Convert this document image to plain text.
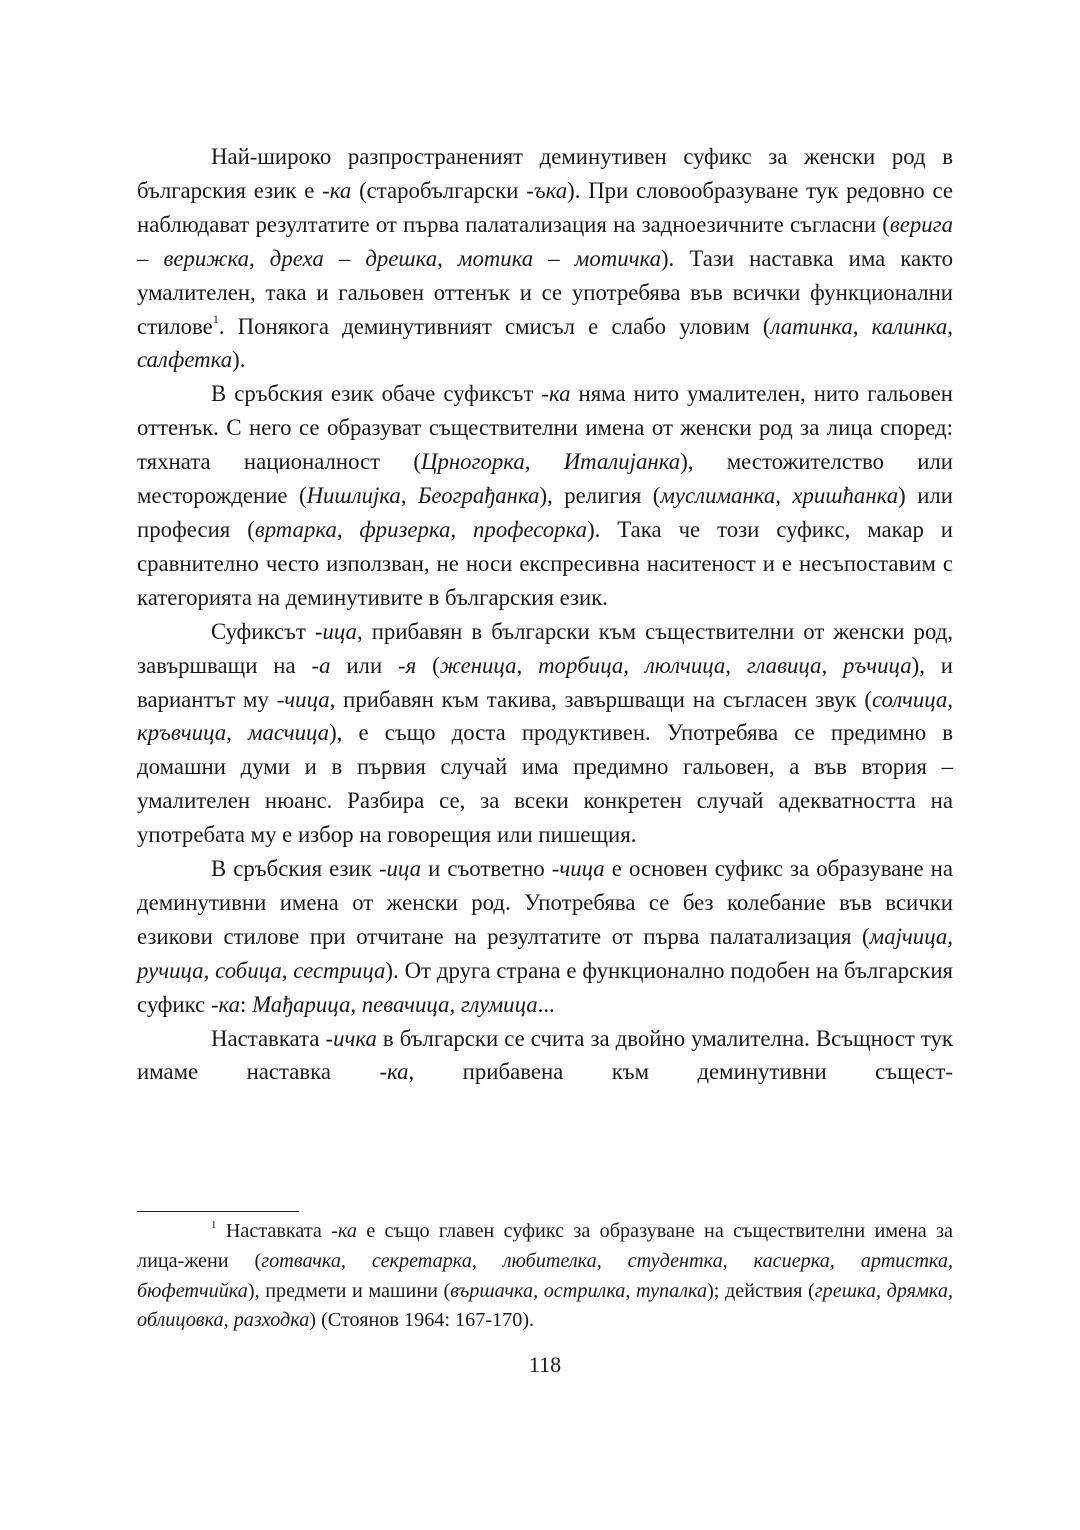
Най-широко разпространеният деминутивен суфикс за женски род в българския език е -ка (старобългарски -ъка). При словообразуване тук редовно се наблюдават резултатите от първа палатализация на задноезичните съгласни (верига – верижка, дреха – дрешка, мотика – мотичка). Тази наставка има както умалителен, така и гальовен оттенък и се употребява във всички функционални стилове$^1$. Понякога деминутивният смисъл е слабо уловим (латинка, калинка, салфетка).

В сръбския език обаче суфиксът -ка няма нито умалителен, нито гальовен оттенък. С него се образуват съществителни имена от женски род за лица според: тяхната националност (Црногорка, Италијанка), местожителство или месторождение (Нишлијка, Београђанка), религия (муслиманка, хришћанка) или професия (вртарка, фризерка, професорка). Така че този суфикс, макар и сравнително често използван, не носи експресивна наситеност и е несъпоставим с категорията на деминутивите в българския език.

Суфиксът -ица, прибавян в български към съществителни от женски род, завършващи на -а или -я (женица, торбица, люлчица, главица, ръчица), и вариантът му -чица, прибавян към такива, завършващи на съгласен звук (солчица, кръвчица, масчица), е също доста продуктивен. Употребява се предимно в домашни думи и в първия случай има предимно гальовен, а във втория – умалителен нюанс. Разбира се, за всеки конкретен случай адекватността на употребата му е избор на говорещия или пишещия.

В сръбския език -ица и съответно -чица е основен суфикс за образуване на деминутивни имена от женски род. Употребява се без колебание във всички езикови стилове при отчитане на резултатите от първа палатализация (мајчица, ручица, собица, сестрица). От друга страна е функционално подобен на българския суфикс -ка: Мађарица, певачица, глумица...

Наставката -ичка в български се счита за двойно умалителна. Всъщност тук имаме наставка -ка, прибавена към деминутивни същест-

$^1$ Наставката -ка е също главен суфикс за образуване на съществителни имена за лица-жени (готвачка, секретарка, любителка, студентка, касиерка, артистка, бюфетчийка), предмети и машини (вършачка, острилка, тупалка); действия (грешка, дрямка, облицовка, разходка) (Стоянов 1964: 167-170).

118
